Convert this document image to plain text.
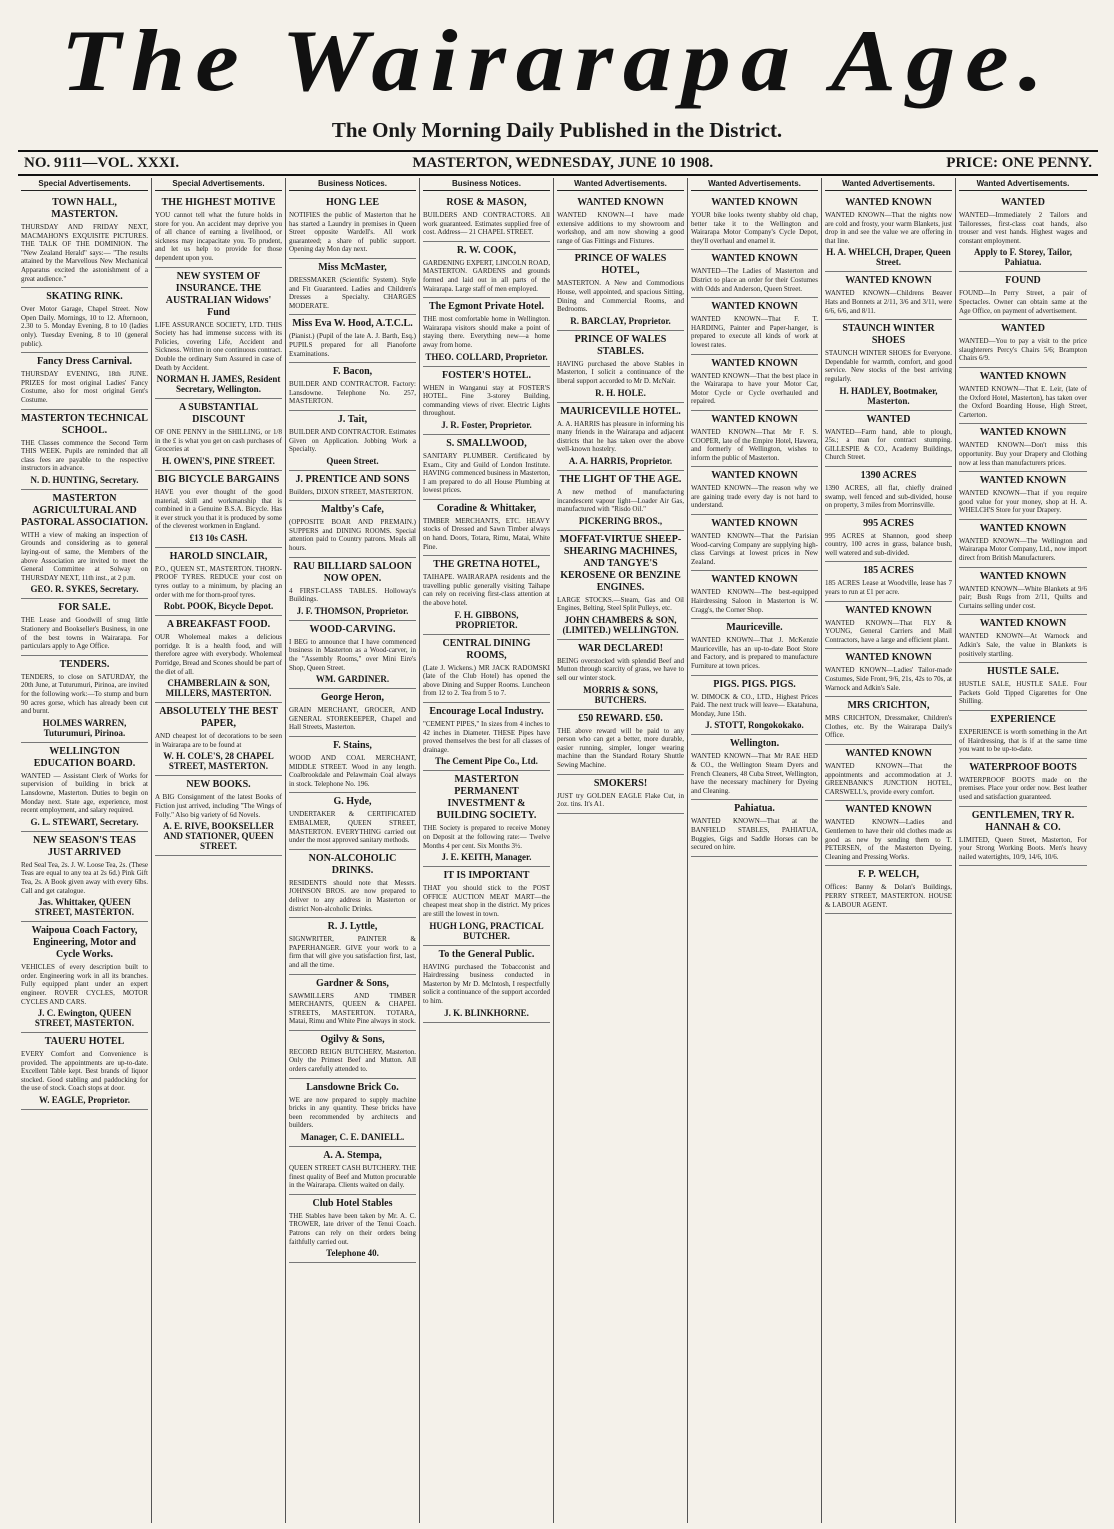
The Wairarapa Age.
The Only Morning Daily Published in the District.
NO. 9111—VOL. XXXI.	MASTERTON, WEDNESDAY, JUNE 10 1908.	PRICE: ONE PENNY.
Special Advertisements.
TOWN HALL, MASTERTON.

THURSDAY AND FRIDAY NEXT, MACMAHON'S EXQUISITE PICTURES. THE TALK OF THE DOMINION. The "New Zealand Herald" says:— "The results attained by the Marvellous New Mechanical Apparatus excited the astonishment of a great audience."

SKATING RINK.

Over Motor Garage, Chapel Street. Now Open Daily. Mornings, 10 to 12. Afternoon, 2.30 to 5. Monday Evening, 8 to 10 (ladies only). Tuesday Evening, 8 to 10 (general public).

Fancy Dress Carnival.

THURSDAY EVENING, 18th JUNE. PRIZES for most original Ladies' Fancy Costume, also for most original Gent's Costume.

MASTERTON TECHNICAL SCHOOL.

THE Classes commence the Second Term THIS WEEK. Pupils are reminded that all class fees are payable to the respective instructors in advance.

N. D. HUNTING, Secretary.
MASTERTON AGRICULTURAL AND PASTORAL ASSOCIATION.

WITH a view of making an inspection of Grounds and considering as to general laying-out of same, the Members of the above Association are invited to meet the General Committee at Solway on THURSDAY NEXT, 11th inst., at 2 p.m.

GEO. R. SYKES, Secretary.
FOR SALE.

THE Lease and Goodwill of snug little Stationery and Bookseller's Business, in one of the best towns in Wairarapa. For particulars apply to Age Office.

TENDERS.

TENDERS, to close on SATURDAY, the 20th June, at Tuturumuri, Pirinoa, are invited for the following work:—To stump and burn 90 acres gorse, which has already been cut and burnt.

HOLMES WARREN, Tuturumuri, Pirinoa.
WELLINGTON EDUCATION BOARD.

WANTED — Assistant Clerk of Works for supervision of building in brick at Lansdowne, Masterton. Duties to begin on Monday next. State age, experience, most recent employment, and salary required.

G. L. STEWART, Secretary.
NEW SEASON'S TEAS JUST ARRIVED

Red Seal Tea, 2s. J. W. Loose Tea, 2s. (These Teas are equal to any tea at 2s 6d.) Pink Gift Tea, 2s. A Book given away with every 6lbs. Call and get catalogue.

Jas. Whittaker, QUEEN STREET, MASTERTON.
Waipoua Coach Factory, Engineering, Motor and Cycle Works.

VEHICLES of every description built to order. Engineering work in all its branches. Fully equipped plant under an expert engineer. ROVER CYCLES, MOTOR CYCLES AND CARS.

J. C. Ewington, QUEEN STREET, MASTERTON.
TAUERU HOTEL

EVERY Comfort and Convenience is provided. The appointments are up-to-date. Excellent Table kept. Best brands of liquor stocked. Good stabling and paddocking for the use of stock. Coach stops at door.

W. EAGLE, Proprietor.
Special Advertisements.
THE HIGHEST MOTIVE

YOU cannot tell what the future holds in store for you. An accident may deprive you of all chance of earning a livelihood, or sickness may incapacitate you. To prudent, and let us help to provide for those dependent upon you.

NEW SYSTEM OF INSURANCE. THE AUSTRALIAN Widows' Fund

LIFE ASSURANCE SOCIETY, LTD. THIS Society has had immense success with its Policies, covering Life, Accident and Sickness. Written in one continuous contract. Double the ordinary Sum Assured in case of Death by Accident.

NORMAN H. JAMES, Resident Secretary, Wellington.
A SUBSTANTIAL DISCOUNT

OF ONE PENNY in the SHILLING, or 1/8 in the £ is what you get on cash purchases of Groceries at

H. OWEN'S, PINE STREET.
BIG BICYCLE BARGAINS

HAVE you ever thought of the good material, skill and workmanship that is combined in a Genuine B.S.A. Bicycle. Has it ever struck you that it is produced by some of the cleverest workmen in England.

£13 10s CASH.
HAROLD SINCLAIR,

P.O., QUEEN ST., MASTERTON. THORN-PROOF TYRES. REDUCE your cost on tyres outlay to a minimum, by placing an order with me for thorn-proof tyres.

Robt. POOK, Bicycle Depot.
A BREAKFAST FOOD.

OUR Wholemeal makes a delicious porridge. It is a health food, and will therefore agree with everybody. Wholemeal Porridge, Bread and Scones should be part of the diet of all.

CHAMBERLAIN & SON, MILLERS, MASTERTON.
ABSOLUTELY THE BEST PAPER,

AND cheapest lot of decorations to be seen in Wairarapa are to be found at

W. H. COLE'S, 28 CHAPEL STREET, MASTERTON.
NEW BOOKS.

A BIG Consignment of the latest Books of Fiction just arrived, including "The Wings of Folly." Also big variety of 6d Novels.

A. E. RIVE, BOOKSELLER AND STATIONER, QUEEN STREET.
Business Notices.
HONG LEE

NOTIFIES the public of Masterton that he has started a Laundry in premises in Queen Street opposite Wardell's. All work guaranteed; a share of public support. Opening day Mon day next.

Miss McMaster,

DRESSMAKER (Scientific System). Style and Fit Guaranteed. Ladies and Children's Dresses a Specialty. CHARGES MODERATE.

Miss Eva W. Hood, A.T.C.L.

(Pianist.) (Pupil of the late A. J. Barth, Esq.) PUPILS prepared for all Pianoforte Examinations.

F. Bacon,

BUILDER AND CONTRACTOR. Factory: Lansdowne. Telephone No. 257, MASTERTON.

J. Tait,

BUILDER AND CONTRACTOR. Estimates Given on Application. Jobbing Work a Specialty.

Queen Street.
J. PRENTICE AND SONS

Builders, DIXON STREET, MASTERTON.

Maltby's Cafe,

(OPPOSITE BOAR AND PREMAIN.) SUPPERS and DINING ROOMS. Special attention paid to Country patrons. Meals all hours.

RAU BILLIARD SALOON NOW OPEN.

4 FIRST-CLASS TABLES. Holloway's Buildings.

J. F. THOMSON, Proprietor.
WOOD-CARVING.

I BEG to announce that I have commenced business in Masterton as a Wood-carver, in the "Assembly Rooms," over Mini Eire's Shop, Queen Street.

WM. GARDINER.
George Heron,

GRAIN MERCHANT, GROCER, AND GENERAL STOREKEEPER, Chapel and Hall Streets, Masterton.

F. Stains,

WOOD AND COAL MERCHANT, MIDDLE STREET. Wood in any length. Coalbrookdale and Pelawmain Coal always in stock. Telephone No. 196.

G. Hyde,

UNDERTAKER & CERTIFICATED EMBALMER, QUEEN STREET, MASTERTON. EVERYTHING carried out under the most approved sanitary methods.

NON-ALCOHOLIC DRINKS.

RESIDENTS should note that Messrs. JOHNSON BROS. are now prepared to deliver to any address in Masterton or district Non-alcoholic Drinks.

R. J. Lyttle,

SIGNWRITER, PAINTER & PAPERHANGER. GIVE your work to a firm that will give you satisfaction first, last, and all the time.

Gardner & Sons,

SAWMILLERS AND TIMBER MERCHANTS, QUEEN & CHAPEL STREETS, MASTERTON. TOTARA, Matai, Rimu and White Pine always in stock.

Ogilvy & Sons,

RECORD REIGN BUTCHERY, Masterton. Only the Primest Beef and Mutton. All orders carefully attended to.

Lansdowne Brick Co.

WE are now prepared to supply machine bricks in any quantity. These bricks have been recommended by architects and builders.

Manager, C. E. DANIELL.
A. A. Stempa,

QUEEN STREET CASH BUTCHERY. THE finest quality of Beef and Mutton procurable in the Wairarapa. Clients waited on daily.

Club Hotel Stables

THE Stables have been taken by Mr. A. C. TROWER, late driver of the Tenui Coach. Patrons can rely on their orders being faithfully carried out.

Telephone 40.
Business Notices.
ROSE & MASON,

BUILDERS AND CONTRACTORS. All work guaranteed. Estimates supplied free of cost. Address— 21 CHAPEL STREET.

R. W. COOK,

GARDENING EXPERT, LINCOLN ROAD, MASTERTON. GARDENS and grounds formed and laid out in all parts of the Wairarapa. Large staff of men employed.

The Egmont Private Hotel.

THE most comfortable home in Wellington. Wairarapa visitors should make a point of staying there. Everything new—a home away from home.

THEO. COLLARD, Proprietor.
FOSTER'S HOTEL.

WHEN in Wanganui stay at FOSTER'S HOTEL. Fine 3-storey Building, commanding views of river. Electric Lights throughout.

J. R. Foster, Proprietor.
S. SMALLWOOD,

SANITARY PLUMBER. Certificated by Exam., City and Guild of London Institute. HAVING commenced business in Masterton, I am prepared to do all House Plumbing at lowest prices.

Coradine & Whittaker,

TIMBER MERCHANTS, ETC. HEAVY stocks of Dressed and Sawn Timber always on hand. Doors, Totara, Rimu, Matai, White Pine.

THE GRETNA HOTEL,

TAIHAPE. WAIRARAPA residents and the travelling public generally visiting Taihape can rely on receiving first-class attention at the above hotel.

F. H. GIBBONS, PROPRIETOR.
CENTRAL DINING ROOMS,

(Late J. Wickens.) MR JACK RADOMSKI (late of the Club Hotel) has opened the above Dining and Supper Rooms. Luncheon from 12 to 2. Tea from 5 to 7.

Encourage Local Industry.

"CEMENT PIPES," In sizes from 4 inches to 42 inches in Diameter. THESE Pipes have proved themselves the best for all classes of drainage.

The Cement Pipe Co., Ltd.
MASTERTON PERMANENT INVESTMENT & BUILDING SOCIETY.

THE Society is prepared to receive Money on Deposit at the following rate:— Twelve Months 4 per cent. Six Months 3½.

J. E. KEITH, Manager.
IT IS IMPORTANT

THAT you should stick to the POST OFFICE AUCTION MEAT MART—the cheapest meat shop in the district. My prices are still the lowest in town.

HUGH LONG, PRACTICAL BUTCHER.
To the General Public.

HAVING purchased the Tobacconist and Hairdressing business conducted in Masterton by Mr D. McIntosh, I respectfully solicit a continuance of the support accorded to him.

J. K. BLINKHORNE.
Wanted Advertisements.
WANTED KNOWN

WANTED KNOWN—I have made extensive additions to my showroom and workshop, and am now showing a good range of Gas Fittings and Fixtures.

PRINCE OF WALES HOTEL,

MASTERTON. A New and Commodious House, well appointed, and spacious Sitting, Dining and Commercial Rooms, and Bedrooms.

R. BARCLAY, Proprietor.
PRINCE OF WALES STABLES.

HAVING purchased the above Stables in Masterton, I solicit a continuance of the liberal support accorded to Mr D. McNair.

R. H. HOLE.
MAURICEVILLE HOTEL.

A. A. HARRIS has pleasure in informing his many friends in the Wairarapa and adjacent districts that he has taken over the above well-known hostelry.

A. A. HARRIS, Proprietor.
THE LIGHT OF THE AGE.

A new method of manufacturing incandescent vapour light—Loader Air Gas, manufactured with "Risdo Oil."

PICKERING BROS.,
MOFFAT-VIRTUE SHEEP-SHEARING MACHINES, AND TANGYE'S KEROSENE OR BENZINE ENGINES.

LARGE STOCKS.—Steam, Gas and Oil Engines, Belting, Steel Split Pulleys, etc.

JOHN CHAMBERS & SON, (LIMITED.) WELLINGTON.
WAR DECLARED!

BEING overstocked with splendid Beef and Mutton through scarcity of grass, we have to sell our winter stock.

MORRIS & SONS, BUTCHERS.
£50 REWARD. £50.

THE above reward will be paid to any person who can get a better, more durable, easier running, simpler, longer wearing machine than the Standard Rotary Shuttle Sewing Machine.

SMOKERS!

JUST try GOLDEN EAGLE Flake Cut, in 2oz. tins. It's A1.

Wanted Advertisements.
WANTED KNOWN

YOUR bike looks twenty shabby old chap, better take it to the Wellington and Wairarapa Motor Company's Cycle Depot, they'll overhaul and enamel it.

WANTED KNOWN

WANTED—The Ladies of Masterton and District to place an order for their Costumes with Odds and Anderson, Queen Street.

WANTED KNOWN

WANTED KNOWN—That F. T. HARDING, Painter and Paper-hanger, is prepared to execute all kinds of work at lowest rates.

WANTED KNOWN

WANTED KNOWN—That the best place in the Wairarapa to have your Motor Car, Motor Cycle or Cycle overhauled and repaired.

WANTED KNOWN

WANTED KNOWN—That Mr F. S. COOPER, late of the Empire Hotel, Hawera, and formerly of Wellington, wishes to inform the public of Masterton.

WANTED KNOWN

WANTED KNOWN—The reason why we are gaining trade every day is not hard to understand.

WANTED KNOWN

WANTED KNOWN—That the Parisian Wood-carving Company are supplying high-class Carvings at lowest prices in New Zealand.

WANTED KNOWN

WANTED KNOWN—The best-equipped Hairdressing Saloon in Masterton is W. Cragg's, the Corner Shop.

Mauriceville.

WANTED KNOWN—That J. McKenzie Mauriceville, has an up-to-date Boot Store and Factory, and is prepared to manufacture Furniture at town prices.

PIGS. PIGS. PIGS.

W. DIMOCK & CO., LTD., Highest Prices Paid. The next truck will leave— Ekatahuna, Monday, June 15th.

J. STOTT, Rongokokako.
Wellington.

WANTED KNOWN—That Mr RAE HED & CO., the Wellington Steam Dyers and French Cleaners, 48 Cuba Street, Wellington, have the necessary machinery for Dyeing and Cleaning.

Pahiatua.

WANTED KNOWN—That at the BANFIELD STABLES, PAHIATUA, Buggies, Gigs and Saddle Horses can be secured on hire.

Wanted Advertisements.
WANTED KNOWN

WANTED KNOWN—That the nights now are cold and frosty, your warm Blankets, just drop in and see the value we are offering in that line.

H. A. WHELCH, Draper, Queen Street.
WANTED KNOWN

WANTED KNOWN—Childrens Beaver Hats and Bonnets at 2/11, 3/6 and 3/11, were 6/6, 6/6, and 8/11.

STAUNCH WINTER SHOES

STAUNCH WINTER SHOES for Everyone. Dependable for warmth, comfort, and good service. New stocks of the best arriving regularly.

H. HADLEY, Bootmaker, Masterton.
WANTED

WANTED—Farm hand, able to plough, 25s.; a man for contract stumping. GILLESPIE & CO., Academy Buildings, Church Street.

1390 ACRES

1390 ACRES, all flat, chiefly drained swamp, well fenced and sub-divided, house on property, 3 miles from Morrinsville.

995 ACRES

995 ACRES at Shannon, good sheep country, 100 acres in grass, balance bush, well watered and sub-divided.

185 ACRES

185 ACRES Lease at Woodville, lease has 7 years to run at £1 per acre.

WANTED KNOWN

WANTED KNOWN—That FLY & YOUNG, General Carriers and Mail Contractors, have a large and efficient plant.

WANTED KNOWN

WANTED KNOWN—Ladies' Tailor-made Costumes, Side Front, 9/6, 21s, 42s to 70s, at Warnock and Adkin's Sale.

MRS CRICHTON,

MRS CRICHTON, Dressmaker, Children's Clothes, etc. By the Wairarapa Daily's Office.

WANTED KNOWN

WANTED KNOWN—That the appointments and accommodation at J. GREENBANK'S JUNCTION HOTEL, CARSWELL's, provide every comfort.

WANTED KNOWN

WANTED KNOWN—Ladies and Gentlemen to have their old clothes made as good as new by sending them to T. PETERSEN, of the Masterton Dyeing, Cleaning and Pressing Works.

F. P. WELCH,

Offices: Banny & Dolan's Buildings, PERRY STREET, MASTERTON. HOUSE & LABOUR AGENT.

Wanted Advertisements.
WANTED

WANTED—Immediately 2 Tailors and Tailoresses, first-class coat hands, also trouser and vest hands. Highest wages and constant employment.

Apply to F. Storey, Tailor, Pahiatua.
FOUND

FOUND—In Perry Street, a pair of Spectacles. Owner can obtain same at the Age Office, on payment of advertisement.

WANTED

WANTED—You to pay a visit to the price slaughterers Percy's Chairs 5/6; Brampton Chairs 6/9.

WANTED KNOWN

WANTED KNOWN—That E. Leir, (late of the Oxford Hotel, Masterton), has taken over the Oxford Boarding House, High Street, Carterton.

WANTED KNOWN

WANTED KNOWN—Don't miss this opportunity. Buy your Drapery and Clothing now at less than manufacturers prices.

WANTED KNOWN

WANTED KNOWN—That if you require good value for your money, shop at H. A. WHELCH'S Store for your Drapery.

WANTED KNOWN

WANTED KNOWN—The Wellington and Wairarapa Motor Company, Ltd., now import direct from British Manufacturers.

WANTED KNOWN

WANTED KNOWN—White Blankets at 9/6 pair; Bush Rugs from 2/11, Quilts and Curtains selling under cost.

WANTED KNOWN

WANTED KNOWN—At Warnock and Adkin's Sale, the value in Blankets is positively startling.

HUSTLE SALE.

HUSTLE SALE, HUSTLE SALE. Four Packets Gold Tipped Cigarettes for One Shilling.

EXPERIENCE

EXPERIENCE is worth something in the Art of Hairdressing, that is if at the same time you want to be up-to-date.

WATERPROOF BOOTS

WATERPROOF BOOTS made on the premises. Place your order now. Best leather used and satisfaction guaranteed.

GENTLEMEN, TRY R. HANNAH & CO.

LIMITED, Queen Street, Masterton, For your Strong Working Boots. Men's heavy nailed watertights, 10/9, 14/6, 10/6.
